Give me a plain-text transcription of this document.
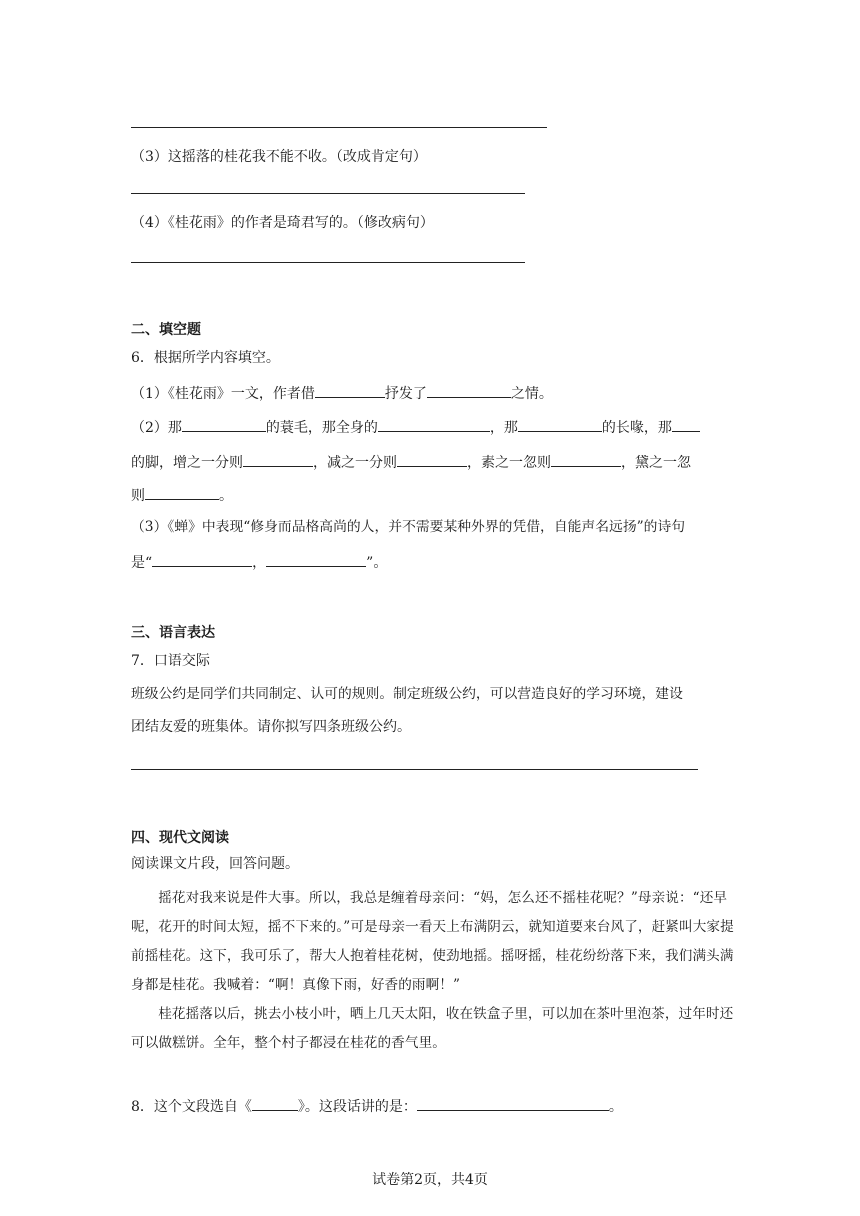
（3）这摇落的桂花我不能不收。（改成肯定句）
（4）《桂花雨》的作者是琦君写的。（修改病句）
二、填空题
6．根据所学内容填空。
（1）《桂花雨》一文，作者借	抒发了	之情。
（2）那	的蓑毛，那全身的	，那	的长喙，那
的脚，增之一分则	，减之一分则	，素之一忽则	，黛之一忽
则	。
（3）《蝉》中表现“修身而品格高尚的人，并不需要某种外界的凭借，自能声名远扬”的诗句
是“	，	”。
三、语言表达
7．口语交际
班级公约是同学们共同制定、认可的规则。制定班级公约，可以营造良好的学习环境，建设
团结友爱的班集体。请你拟写四条班级公约。
四、现代文阅读
阅读课文片段，回答问题。

摇花对我来说是件大事。所以，我总是缠着母亲问：“妈，怎么还不摇桂花呢？”母亲说：“还早呢，花开的时间太短，摇不下来的。”可是母亲一看天上布满阴云，就知道要来台风了，赶紧叫大家提前摇桂花。这下，我可乐了，帮大人抱着桂花树，使劲地摇。摇呀摇，桂花纷纷落下来，我们满头满身都是桂花。我喊着：“啊！真像下雨，好香的雨啊！”

桂花摇落以后，挑去小枝小叶，晒上几天太阳，收在铁盒子里，可以加在茶叶里泡茶，过年时还可以做糕饼。全年，整个村子都浸在桂花的香气里。

8．这个文段选自《	》。这段话讲的是：	。
试卷第2页，共4页
